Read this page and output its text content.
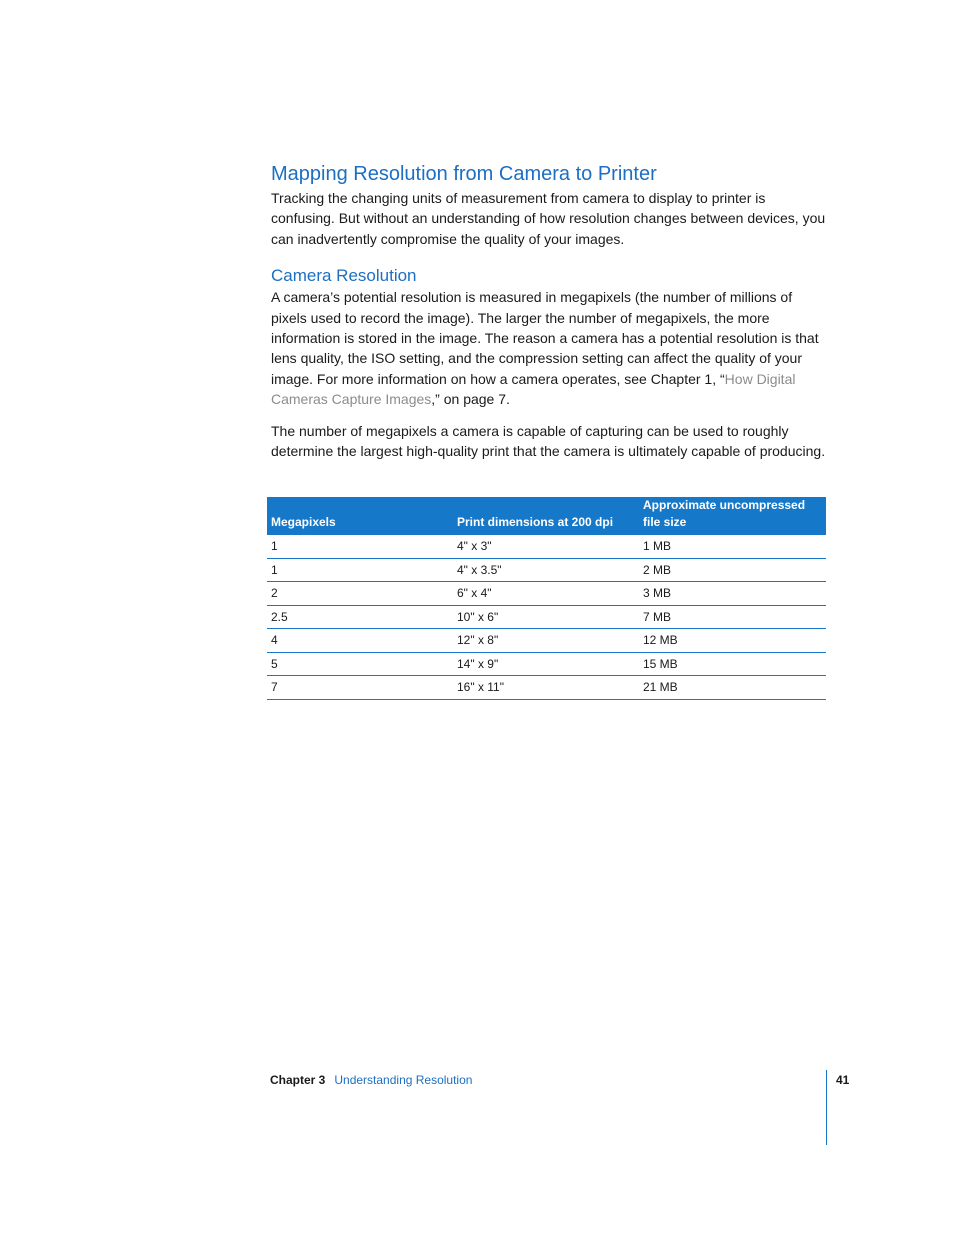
Mapping Resolution from Camera to Printer

Tracking the changing units of measurement from camera to display to printer is confusing. But without an understanding of how resolution changes between devices, you can inadvertently compromise the quality of your images.

Camera Resolution

A camera’s potential resolution is measured in megapixels (the number of millions of pixels used to record the image). The larger the number of megapixels, the more information is stored in the image. The reason a camera has a potential resolution is that lens quality, the ISO setting, and the compression setting can affect the quality of your image. For more information on how a camera operates, see Chapter 1, “How Digital Cameras Capture Images,” on page 7.

The number of megapixels a camera is capable of capturing can be used to roughly determine the largest high-quality print that the camera is ultimately capable of producing.

Megapixels	Print dimensions at 200 dpi	Approximate uncompressed file size
1	4" x 3"	1 MB
1	4" x 3.5"	2 MB
2	6" x 4"	3 MB
2.5	10" x 6"	7 MB
4	12" x 8"	12 MB
5	14" x 9"	15 MB
7	16" x 11"	21 MB
Chapter 3 Understanding Resolution	41
